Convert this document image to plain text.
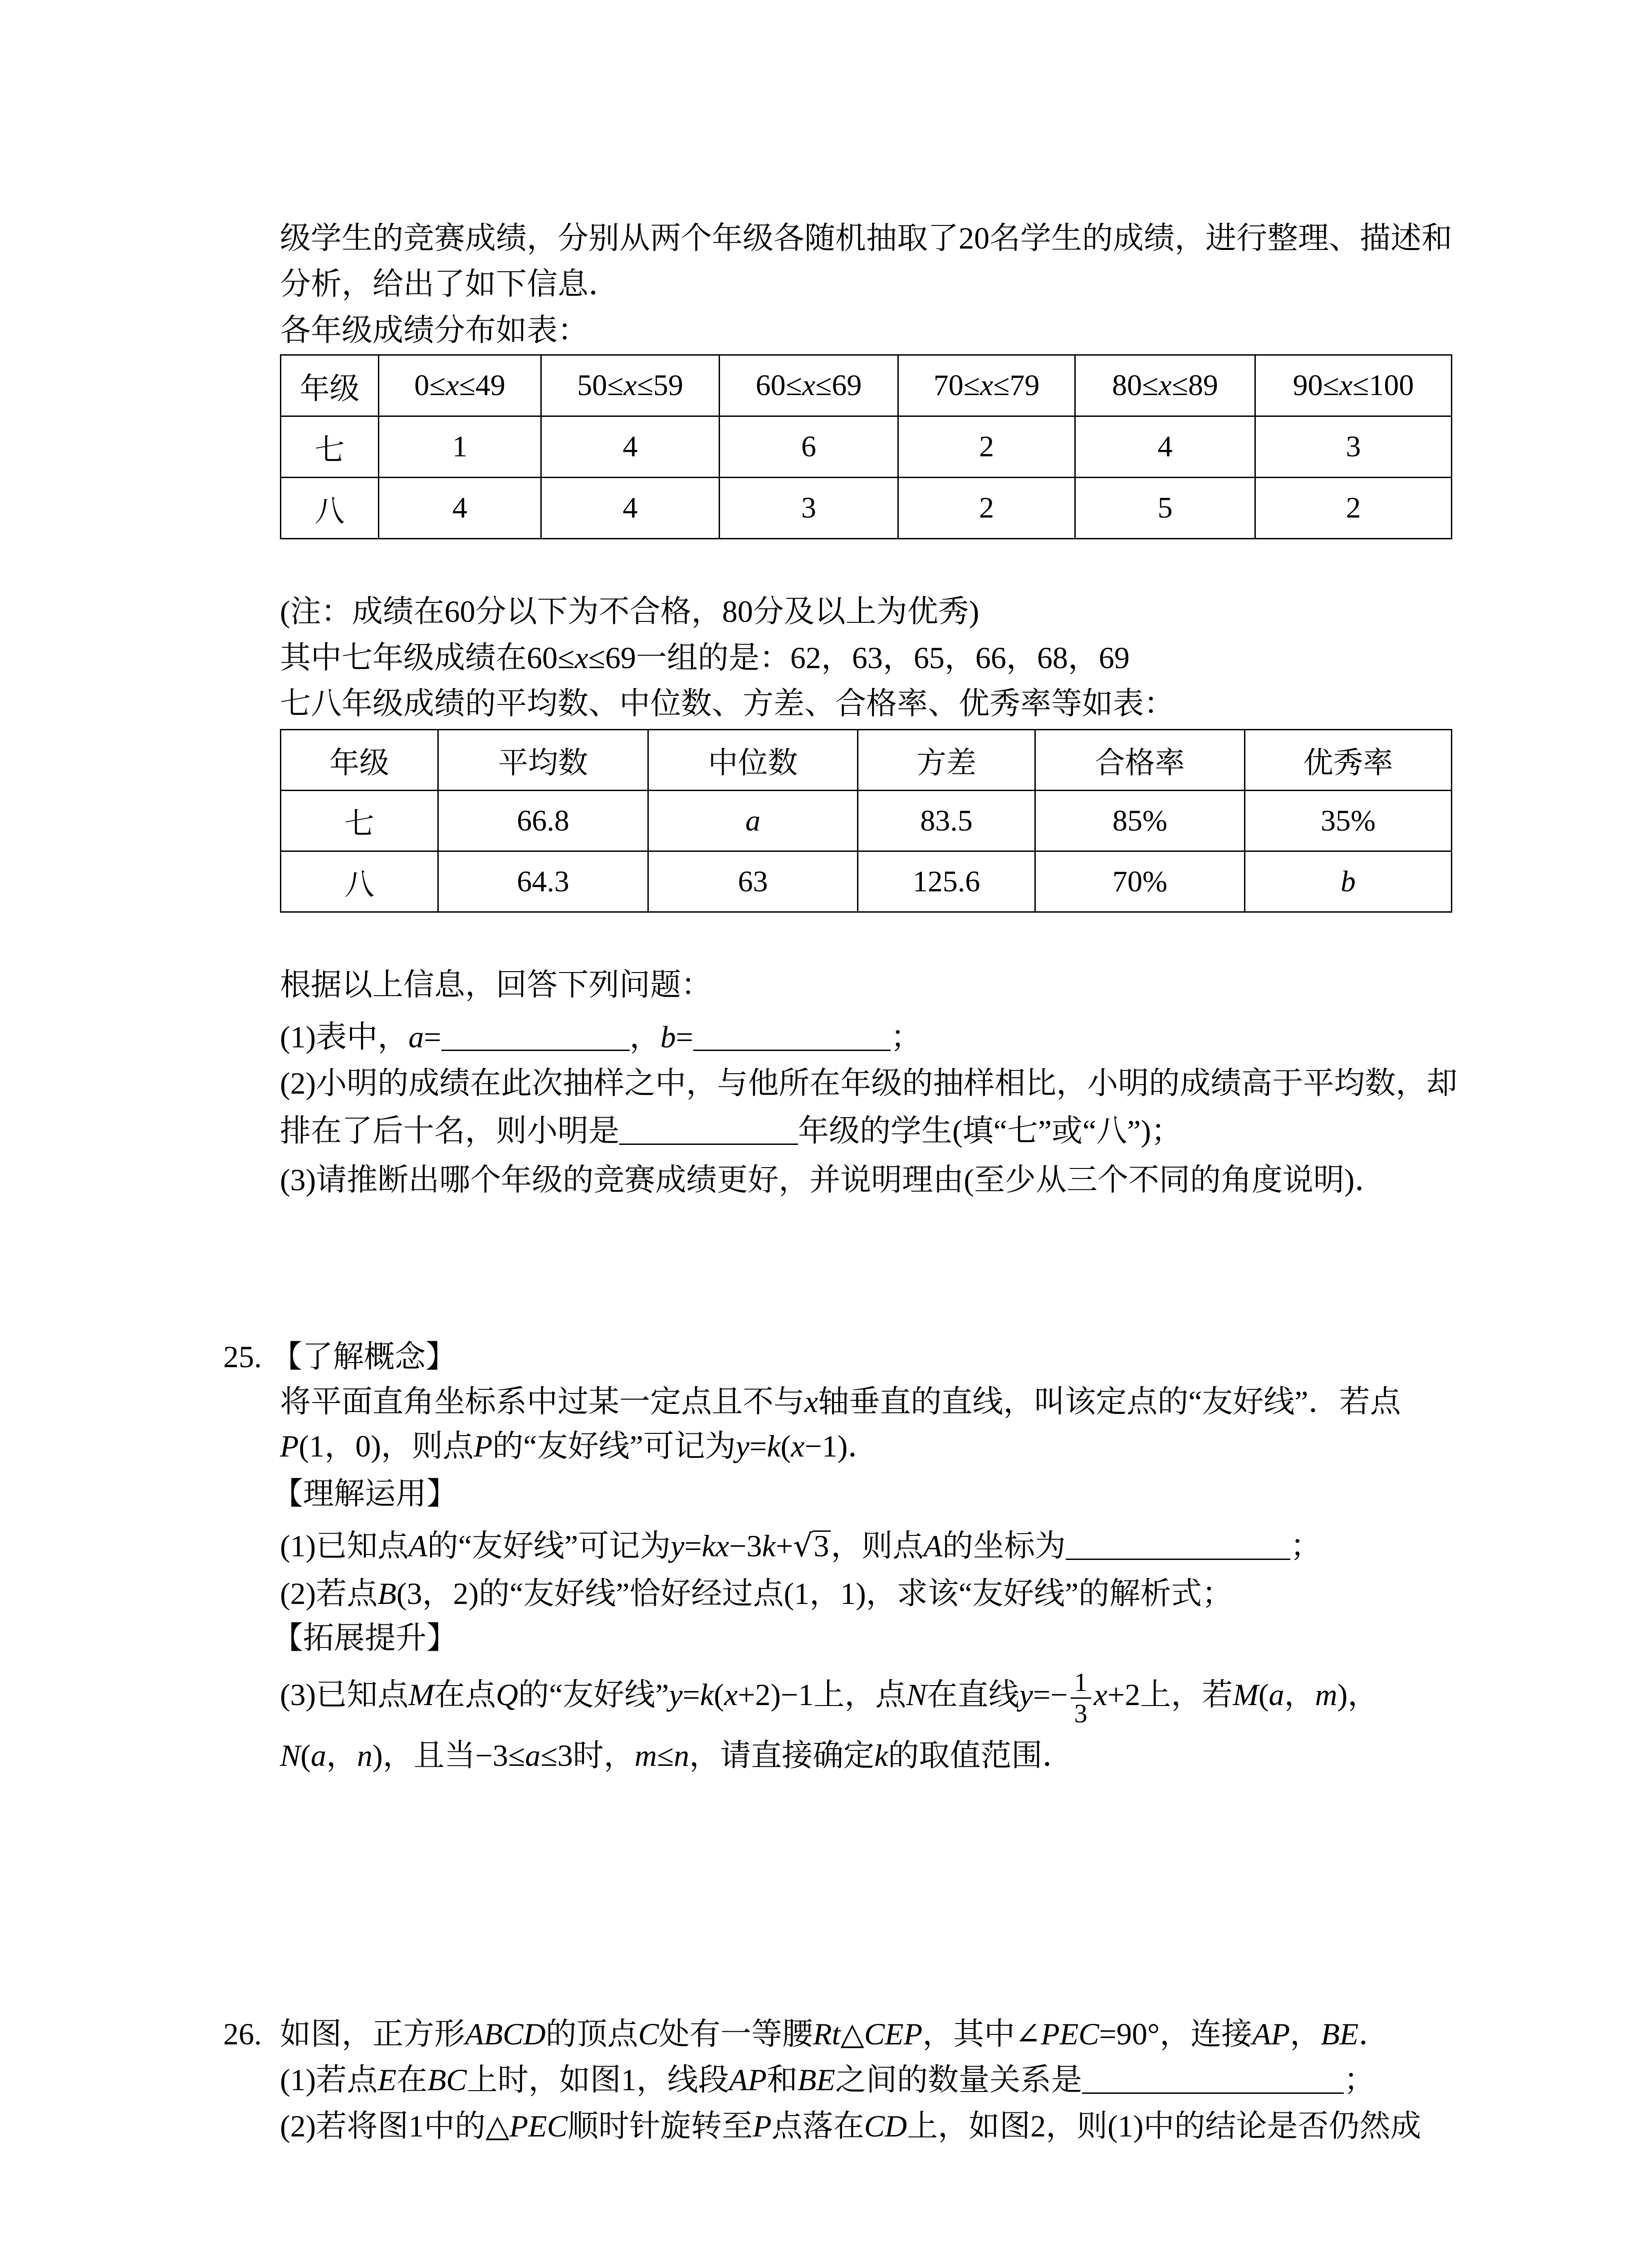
级学生的竞赛成绩，分别从两个年级各随机抽取了20名学生的成绩，进行整理、描述和
分析，给出了如下信息．
各年级成绩分布如表：
年级	0≤x≤49	50≤x≤59	60≤x≤69	70≤x≤79	80≤x≤89	90≤x≤100
七	1	4	6	2	4	3
八	4	4	3	2	5	2
(注：成绩在60分以下为不合格，80分及以上为优秀)
其中七年级成绩在60≤x≤69一组的是：62，63，65，66，68，69
七八年级成绩的平均数、中位数、方差、合格率、优秀率等如表：
年级	平均数	中位数	方差	合格率	优秀率
七	66.8	a	83.5	85%	35%
八	64.3	63	125.6	70%	b
根据以上信息，回答下列问题：
(1)表中，a=	，b=	；
(2)小明的成绩在此次抽样之中，与他所在年级的抽样相比，小明的成绩高于平均数，却
排在了后十名，则小明是	年级的学生(填“七”或“八”)；
(3)请推断出哪个年级的竞赛成绩更好，并说明理由(至少从三个不同的角度说明)．
25. 【了解概念】
将平面直角坐标系中过某一定点且不与x轴垂直的直线，叫该定点的“友好线”．若点
P(1，0)，则点P的“友好线”可记为y=k(x−1)．
【理解运用】
(1)已知点A的“友好线”可记为y=kx−3k+√3，则点A的坐标为	；
(2)若点B(3，2)的“友好线”恰好经过点(1，1)，求该“友好线”的解析式；
【拓展提升】
(3)已知点M在点Q的“友好线”y=k(x+2)−1上，点N在直线$y=- \frac{1}{3} x+2$上，若M(a，m)，
N(a，n)，且当−3≤a≤3时，m≤n，请直接确定k的取值范围．
26. 如图，正方形ABCD的顶点C处有一等腰Rt△CEP，其中∠PEC=90°，连接AP，BE．
(1)若点E在BC上时，如图1，线段AP和BE之间的数量关系是	；
(2)若将图1中的△PEC顺时针旋转至P点落在CD上，如图2，则(1)中的结论是否仍然成
